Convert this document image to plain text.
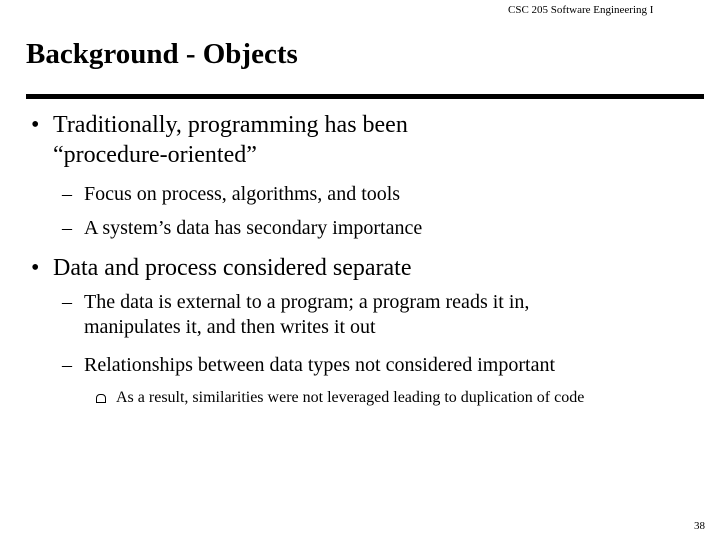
CSC 205 Software Engineering I
Background - Objects
• Traditionally, programming has been
“procedure-oriented”
– Focus on process, algorithms, and tools
– A system’s data has secondary importance
• Data and process considered separate
– The data is external to a program; a program reads it in,
manipulates it, and then writes it out
– Relationships between data types not considered important
As a result, similarities were not leveraged leading to duplication of code
38
